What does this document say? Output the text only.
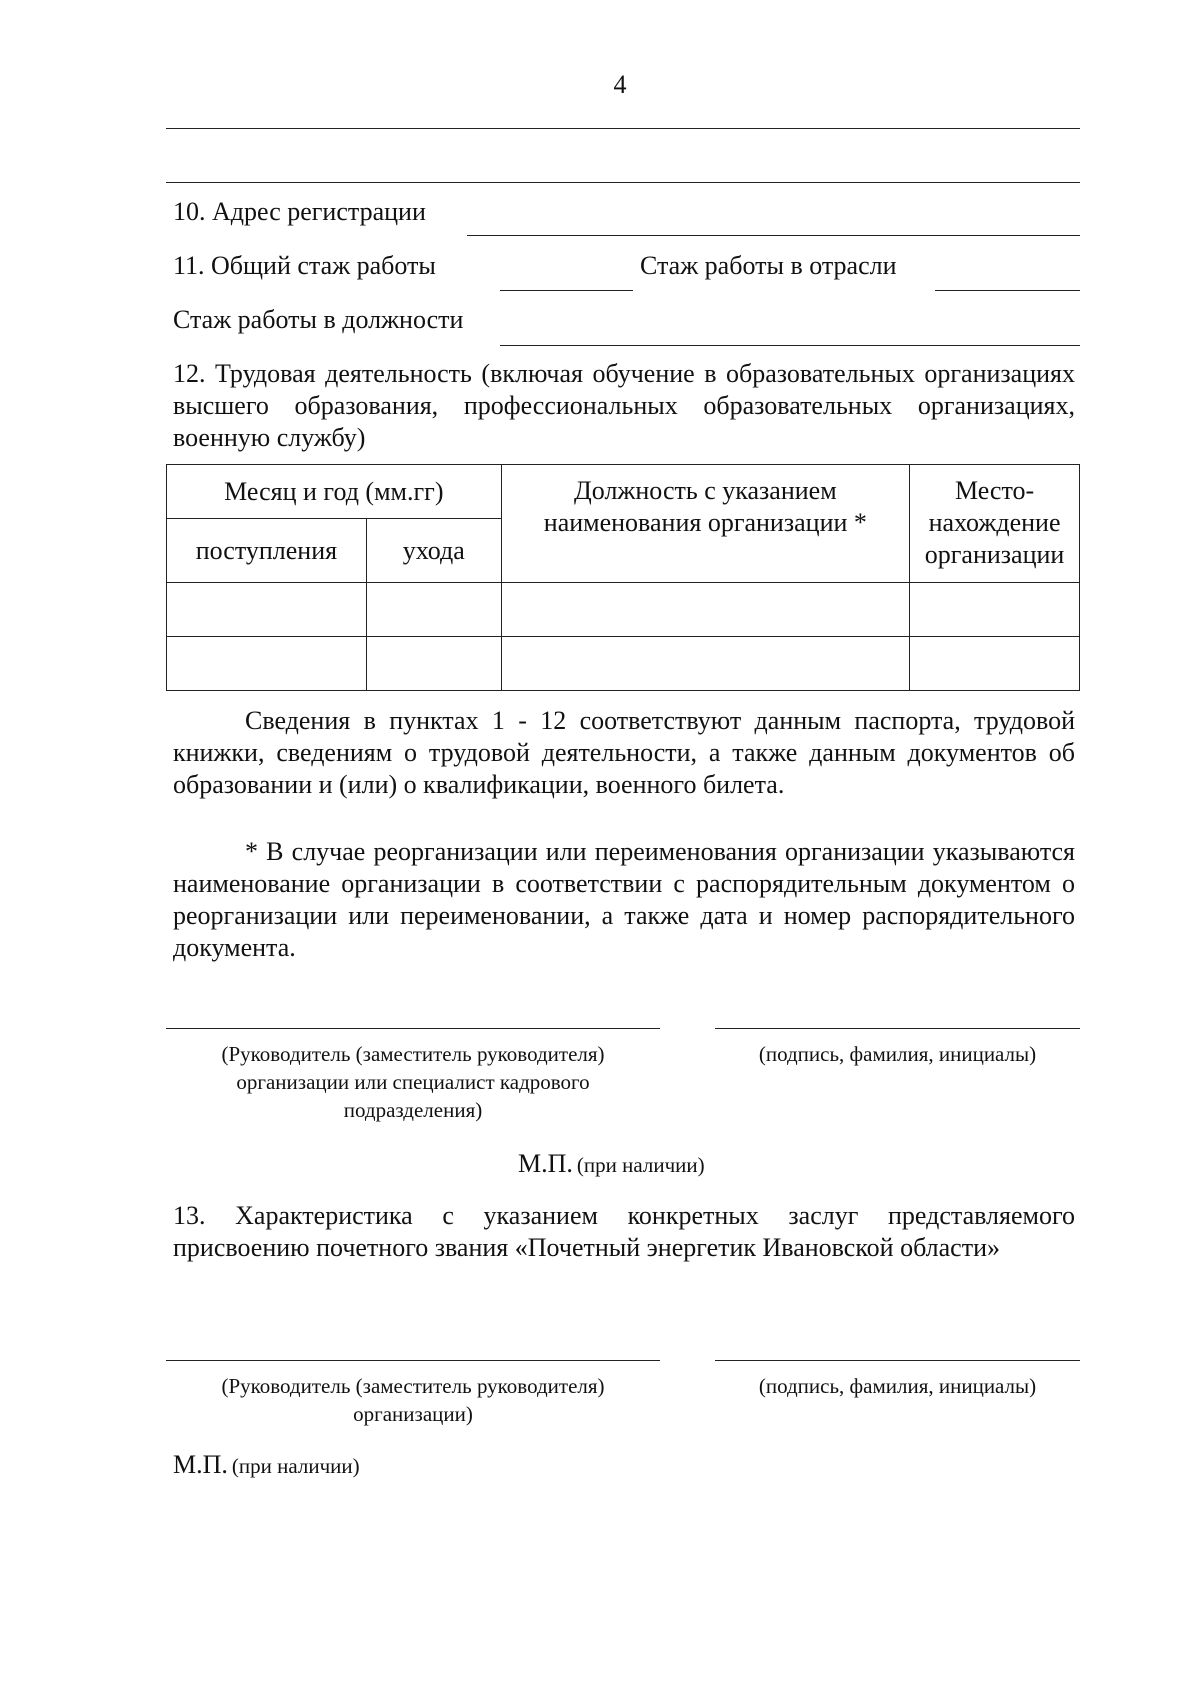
4
10. Адрес регистрации
11. Общий стаж работы	Стаж работы в отрасли
Стаж работы в должности
12. Трудовая деятельность (включая обучение в образовательных организациях высшего образования, профессиональных образовательных организациях, военную службу)
Месяц и год (мм.гг)		Должность с указанием наименования организации *	Место-
нахождение
организации

поступления	ухода		

Сведения в пунктах 1 - 12 соответствуют данным паспорта, трудовой книжки, сведениям о трудовой деятельности, а также данным документов об образовании и (или) о квалификации, военного билета.
* В случае реорганизации или переименования организации указываются наименование организации в соответствии с распорядительным документом о реорганизации или переименовании, а также дата и номер распорядительного документа.
(Руководитель (заместитель руководителя) организации или специалист кадрового подразделения)
(подпись, фамилия, инициалы)
М.П. (при наличии)
13. Характеристика с указанием конкретных заслуг представляемого присвоению почетного звания «Почетный энергетик Ивановской области»
(Руководитель (заместитель руководителя) организации)
(подпись, фамилия, инициалы)
М.П. (при наличии)
